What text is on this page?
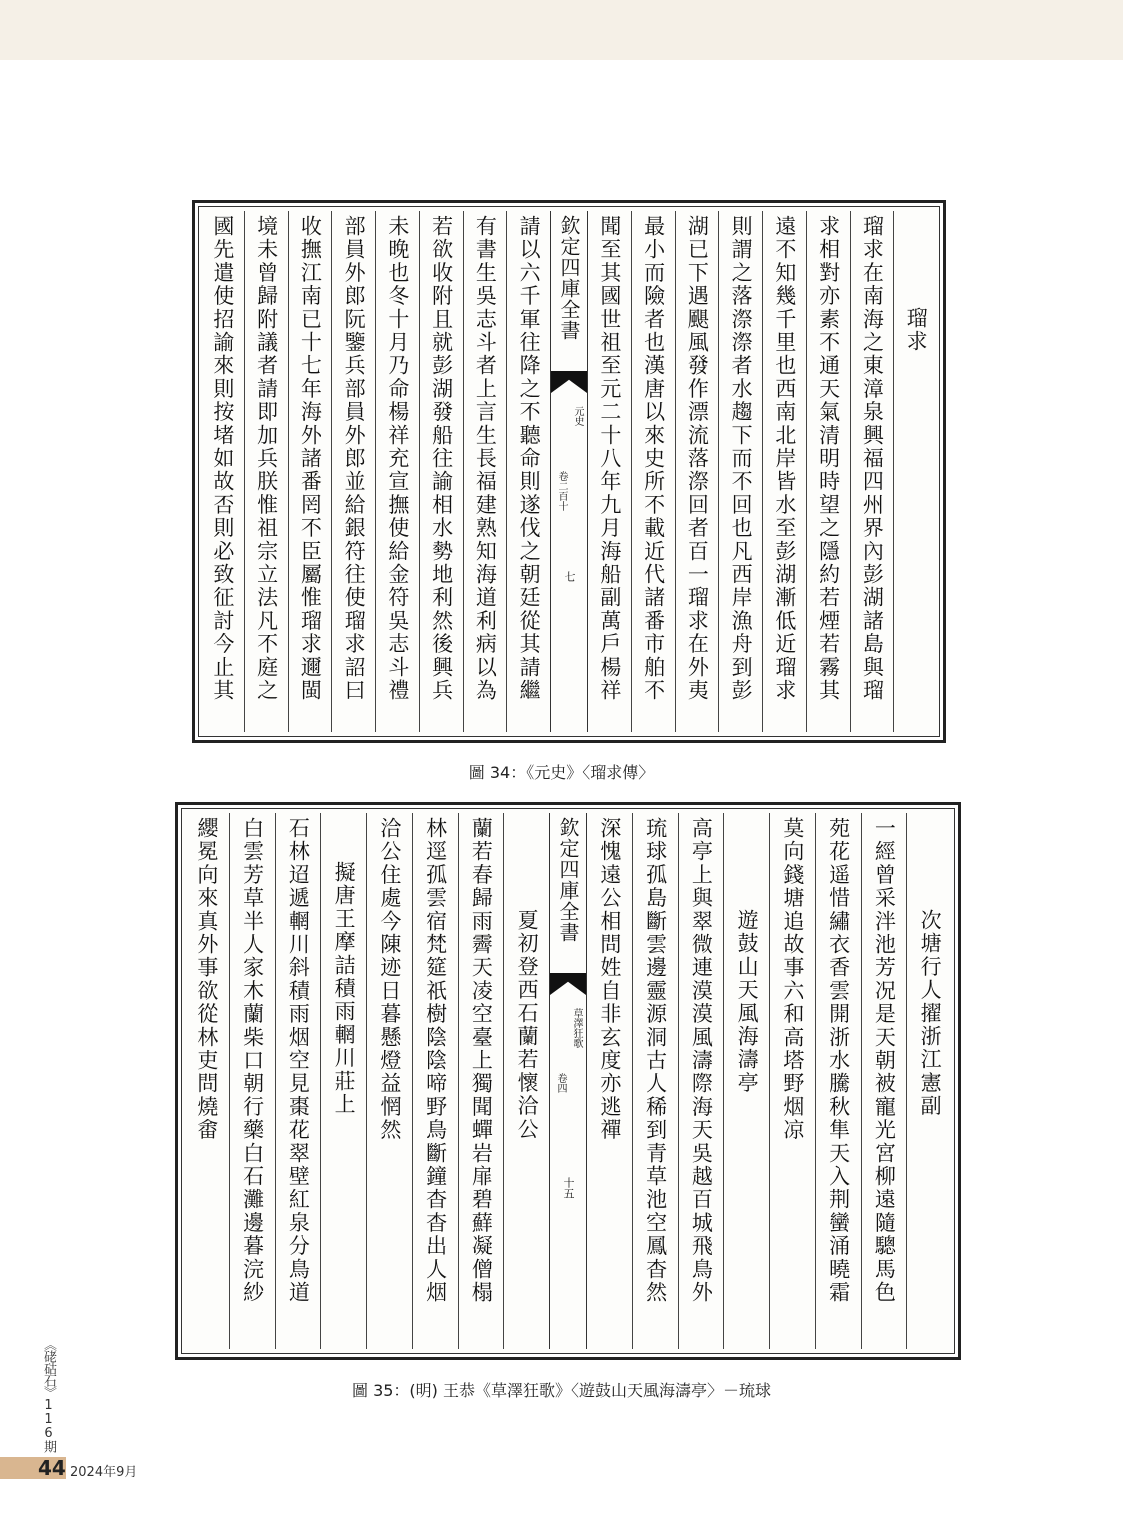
瑠求
瑠求在南海之東漳泉興福四州界內彭湖諸島與瑠
求相對亦素不通天氣清明時望之隱約若煙若霧其
遠不知幾千里也西南北岸皆水至彭湖漸低近瑠求
則謂之落漈漈者水趨下而不回也凡西岸漁舟到彭
湖已下遇颶風發作漂流落漈回者百一瑠求在外夷
最小而險者也漢唐以來史所不載近代諸番市舶不
聞至其國世祖至元二十八年九月海船副萬戶楊祥
欽定四庫全書
元史
卷二百十
七
請以六千軍往降之不聽命則遂伐之朝廷從其請繼
有書生吳志斗者上言生長福建熟知海道利病以為
若欲收附且就彭湖發船往諭相水勢地利然後興兵
未晚也冬十月乃命楊祥充宣撫使給金符吳志斗禮
部員外郎阮鑒兵部員外郎並給銀符往使瑠求詔曰
收撫江南已十七年海外諸番罔不臣屬惟瑠求邇閩
境未曾歸附議者請即加兵朕惟祖宗立法凡不庭之
國先遣使招諭來則按堵如故否則必致征討今止其
圖 34：《元史》〈瑠求傳〉
次塘行人擢浙江憲副
一經曾采泮池芳况是天朝被寵光宮柳遠隨驄馬色
苑花遥惜繡衣香雲開浙水騰秋隼天入荆蠻涌曉霜
莫向錢塘追故事六和高塔野烟凉
遊鼓山天風海濤亭
高亭上與翠微連漠漠風濤際海天吳越百城飛鳥外
琉球孤島斷雲邊靈源洞古人稀到青草池空鳳杳然
深愧遠公相問姓自非玄度亦逃禪
欽定四庫全書
草澤狂歌
卷四
十五
夏初登西石蘭若懷洽公
蘭若春歸雨霽天凌空臺上獨聞蟬岩扉碧蘚凝僧榻
林逕孤雲宿梵筵祇樹陰陰啼野鳥斷鐘杳杳出人烟
洽公住處今陳迹日暮懸燈益惘然
擬唐王摩詰積雨輞川莊上
石林迢遞輞川斜積雨烟空見棗花翠壁紅泉分鳥道
白雲芳草半人家木蘭柴口朝行藥白石灘邊暮浣紗
纓冕向來真外事欲從林吏問燒畬
圖 35：(明) 王恭《草澤狂歌》〈遊鼓山天風海濤亭〉－琉球
《硓𥑮石》116期
44 2024年9月
